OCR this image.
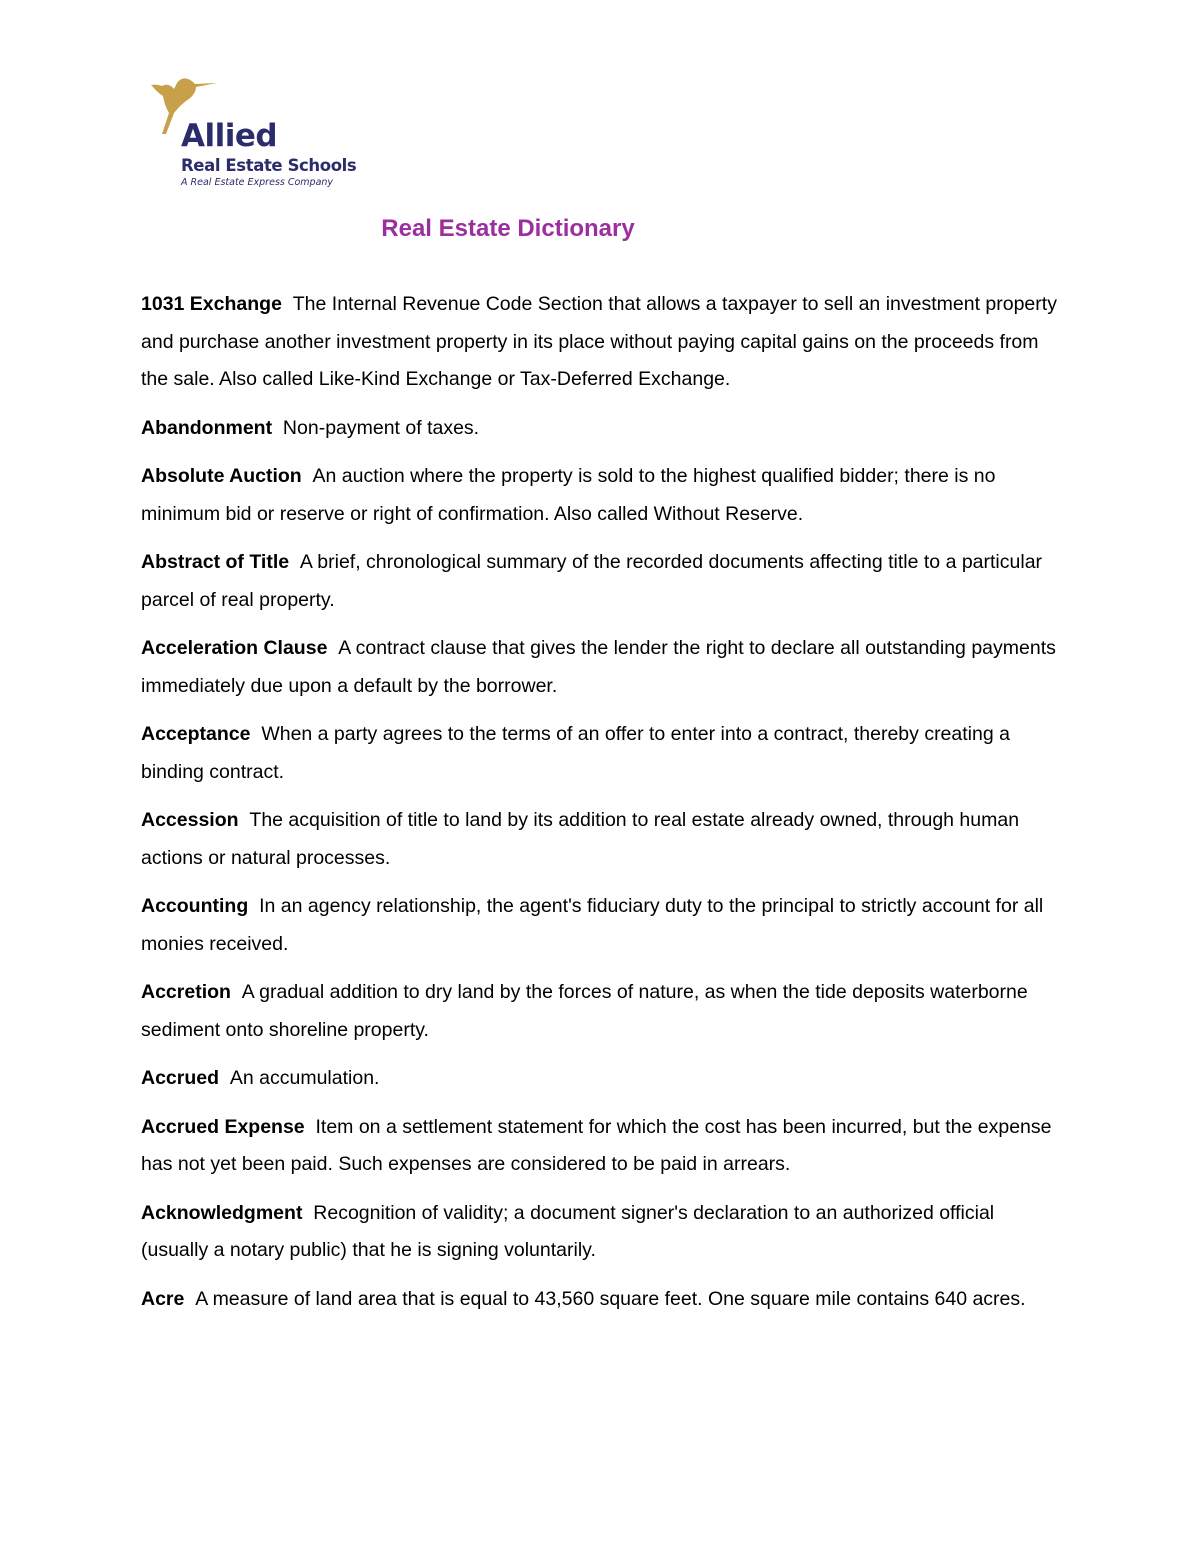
Allied
Real Estate Schools
A Real Estate Express Company
Real Estate Dictionary

1031 Exchange The Internal Revenue Code Section that allows a taxpayer to sell an investment property and purchase another investment property in its place without paying capital gains on the proceeds from the sale. Also called Like-Kind Exchange or Tax-Deferred Exchange.

Abandonment Non-payment of taxes.

Absolute Auction An auction where the property is sold to the highest qualified bidder; there is no minimum bid or reserve or right of confirmation. Also called Without Reserve.

Abstract of Title A brief, chronological summary of the recorded documents affecting title to a particular parcel of real property.

Acceleration Clause A contract clause that gives the lender the right to declare all outstanding payments immediately due upon a default by the borrower.

Acceptance When a party agrees to the terms of an offer to enter into a contract, thereby creating a binding contract.

Accession The acquisition of title to land by its addition to real estate already owned, through human actions or natural processes.

Accounting In an agency relationship, the agent's fiduciary duty to the principal to strictly account for all monies received.

Accretion A gradual addition to dry land by the forces of nature, as when the tide deposits waterborne sediment onto shoreline property.

Accrued An accumulation.

Accrued Expense Item on a settlement statement for which the cost has been incurred, but the expense has not yet been paid. Such expenses are considered to be paid in arrears.

Acknowledgment Recognition of validity; a document signer's declaration to an authorized official (usually a notary public) that he is signing voluntarily.

Acre A measure of land area that is equal to 43,560 square feet. One square mile contains 640 acres.
